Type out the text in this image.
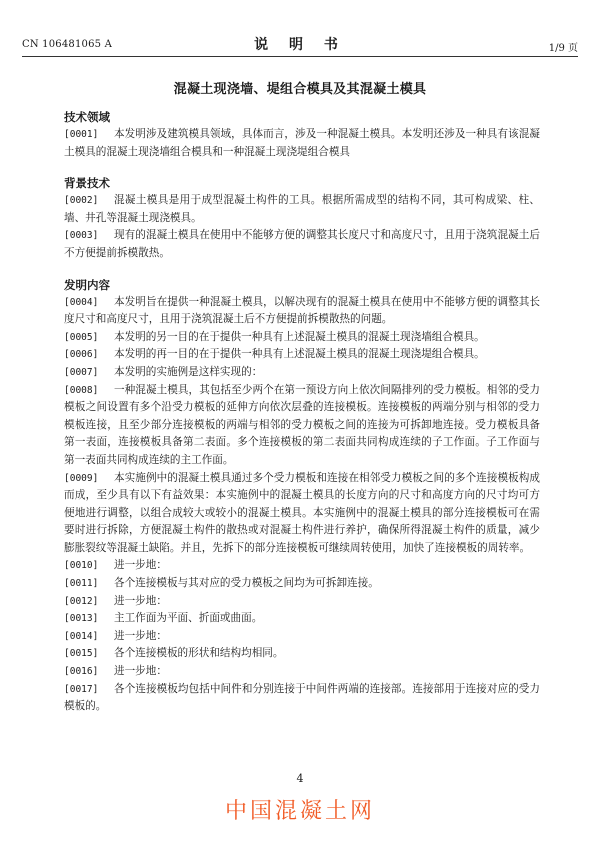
CN 106481065 A	说 明 书	1/9 页
混凝土现浇墙、堤组合模具及其混凝土模具

技术领域

[0001] 本发明涉及建筑模具领域，具体而言，涉及一种混凝土模具。本发明还涉及一种具有该混凝土模具的混凝土现浇墙组合模具和一种混凝土现浇堤组合模具

背景技术

[0002] 混凝土模具是用于成型混凝土构件的工具。根据所需成型的结构不同，其可构成梁、柱、墙、井孔等混凝土现浇模具。

[0003] 现有的混凝土模具在使用中不能够方便的调整其长度尺寸和高度尺寸，且用于浇筑混凝土后不方便提前拆模散热。

发明内容

[0004] 本发明旨在提供一种混凝土模具，以解决现有的混凝土模具在使用中不能够方便的调整其长度尺寸和高度尺寸，且用于浇筑混凝土后不方便提前拆模散热的问题。

[0005] 本发明的另一目的在于提供一种具有上述混凝土模具的混凝土现浇墙组合模具。

[0006] 本发明的再一目的在于提供一种具有上述混凝土模具的混凝土现浇堤组合模具。

[0007] 本发明的实施例是这样实现的：

[0008] 一种混凝土模具，其包括至少两个在第一预设方向上依次间隔排列的受力模板。相邻的受力模板之间设置有多个沿受力模板的延伸方向依次层叠的连接模板。连接模板的两端分别与相邻的受力模板连接，且至少部分连接模板的两端与相邻的受力模板之间的连接为可拆卸地连接。受力模板具备第一表面，连接模板具备第二表面。多个连接模板的第二表面共同构成连续的子工作面。子工作面与第一表面共同构成连续的主工作面。

[0009] 本实施例中的混凝土模具通过多个受力模板和连接在相邻受力模板之间的多个连接模板构成而成，至少具有以下有益效果：本实施例中的混凝土模具的长度方向的尺寸和高度方向的尺寸均可方便地进行调整，以组合成较大或较小的混凝土模具。本实施例中的混凝土模具的部分连接模板可在需要时进行拆除，方便混凝土构件的散热或对混凝土构件进行养护，确保所得混凝土构件的质量，减少膨胀裂纹等混凝土缺陷。并且，先拆下的部分连接模板可继续周转使用，加快了连接模板的周转率。

[0010] 进一步地：

[0011] 各个连接模板与其对应的受力模板之间均为可拆卸连接。

[0012] 进一步地：

[0013] 主工作面为平面、折面或曲面。

[0014] 进一步地：

[0015] 各个连接模板的形状和结构均相同。

[0016] 进一步地：

[0017] 各个连接模板均包括中间件和分别连接于中间件两端的连接部。连接部用于连接对应的受力模板的。

4
中国混凝土网
